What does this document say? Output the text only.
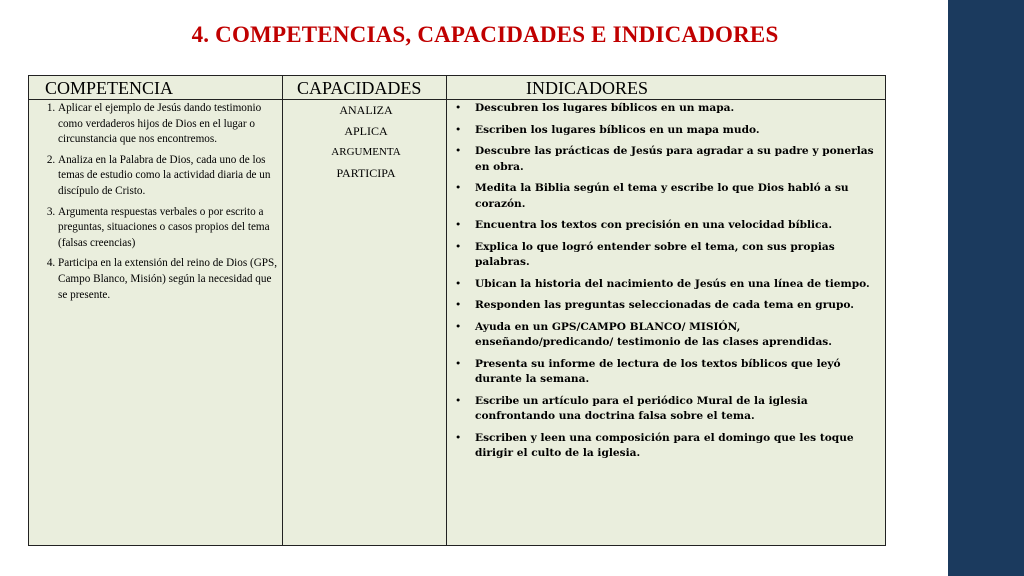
4. COMPETENCIAS, CAPACIDADES E INDICADORES
COMPETENCIA	CAPACIDADES	INDICADORES
1. Aplicar el ejemplo de Jesús dando testimonio como verdaderos hijos de Dios en el lugar o circunstancia que nos encontremos.
2. Analiza en la Palabra de Dios, cada uno de los temas de estudio como la actividad diaria de un discípulo de Cristo.
3. Argumenta respuestas verbales o por escrito a preguntas, situaciones o casos propios del tema (falsas creencias)
4. Participa en la extensión del reino de Dios (GPS, Campo Blanco, Misión) según la necesidad que se presente.
ANALIZA
APLICA
ARGUMENTA
PARTICIPA
• Descubren los lugares bíblicos en un mapa.
• Escriben los lugares bíblicos en un mapa mudo.
• Descubre las prácticas de Jesús para agradar a su padre y ponerlas en obra.
• Medita la Biblia según el tema y escribe lo que Dios habló a su corazón.
• Encuentra los textos con precisión en una velocidad bíblica.
• Explica lo que logró entender sobre el tema, con sus propias palabras.
• Ubican la historia del nacimiento de Jesús en una línea de tiempo.
• Responden las preguntas seleccionadas de cada tema en grupo.
• Ayuda en un GPS/CAMPO BLANCO/ MISIÓN, enseñando/predicando/ testimonio de las clases aprendidas.
• Presenta su informe de lectura de los textos bíblicos que leyó durante la semana.
• Escribe un artículo para el periódico Mural de la iglesia confrontando una doctrina falsa sobre el tema.
• Escriben y leen una composición para el domingo que les toque dirigir el culto de la iglesia.
